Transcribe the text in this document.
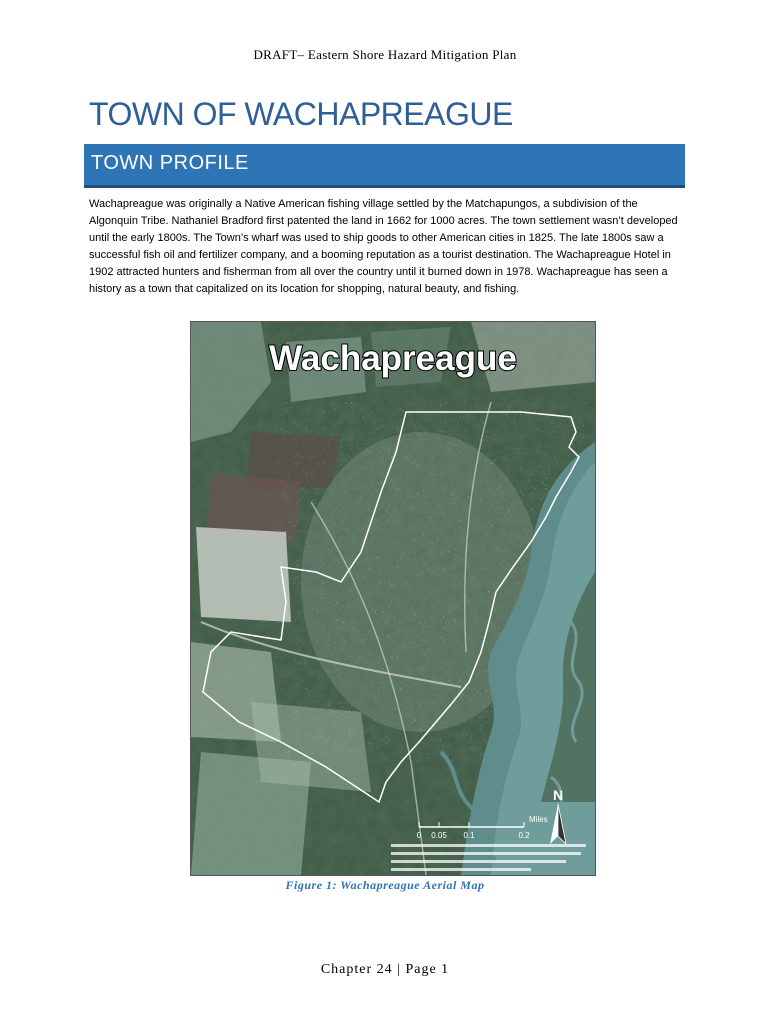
DRAFT– Eastern Shore Hazard Mitigation Plan
TOWN OF WACHAPREAGUE
TOWN PROFILE
Wachapreague was originally a Native American fishing village settled by the Matchapungos, a subdivision of the Algonquin Tribe. Nathaniel Bradford first patented the land in 1662 for 1000 acres. The town settlement wasn’t developed until the early 1800s. The Town’s wharf was used to ship goods to other American cities in 1825. The late 1800s saw a successful fish oil and fertilizer company, and a booming reputation as a tourist destination. The Wachapreague Hotel in 1902 attracted hunters and fisherman from all over the country until it burned down in 1978. Wachapreague has seen a history as a town that capitalized on its location for shopping, natural beauty, and fishing.
Wachapreague
N
0 0.05 0.1	0.2
Miles
Figure 1: Wachapreague Aerial Map
Chapter 24 | Page 1
